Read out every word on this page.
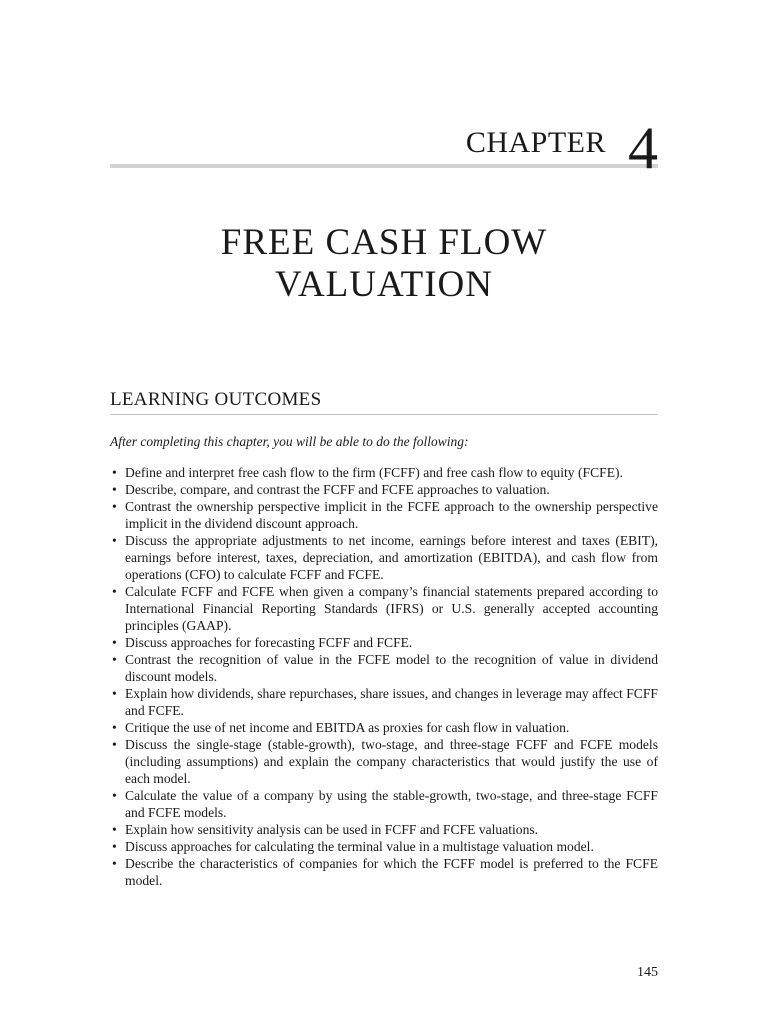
CHAPTER 4
FREE CASH FLOW
VALUATION
LEARNING OUTCOMES
After completing this chapter, you will be able to do the following:
• Define and interpret free cash flow to the firm (FCFF) and free cash flow to equity (FCFE).
• Describe, compare, and contrast the FCFF and FCFE approaches to valuation.
• Contrast the ownership perspective implicit in the FCFE approach to the ownership perspective implicit in the dividend discount approach.
• Discuss the appropriate adjustments to net income, earnings before interest and taxes (EBIT), earnings before interest, taxes, depreciation, and amortization (EBITDA), and cash flow from operations (CFO) to calculate FCFF and FCFE.
• Calculate FCFF and FCFE when given a company’s financial statements prepared according to International Financial Reporting Standards (IFRS) or U.S. generally accepted accounting principles (GAAP).
• Discuss approaches for forecasting FCFF and FCFE.
• Contrast the recognition of value in the FCFE model to the recognition of value in dividend discount models.
• Explain how dividends, share repurchases, share issues, and changes in leverage may affect FCFF and FCFE.
• Critique the use of net income and EBITDA as proxies for cash flow in valuation.
• Discuss the single-stage (stable-growth), two-stage, and three-stage FCFF and FCFE models (including assumptions) and explain the company characteristics that would justify the use of each model.
• Calculate the value of a company by using the stable-growth, two-stage, and three-stage FCFF and FCFE models.
• Explain how sensitivity analysis can be used in FCFF and FCFE valuations.
• Discuss approaches for calculating the terminal value in a multistage valuation model.
• Describe the characteristics of companies for which the FCFF model is preferred to the FCFE model.
145
